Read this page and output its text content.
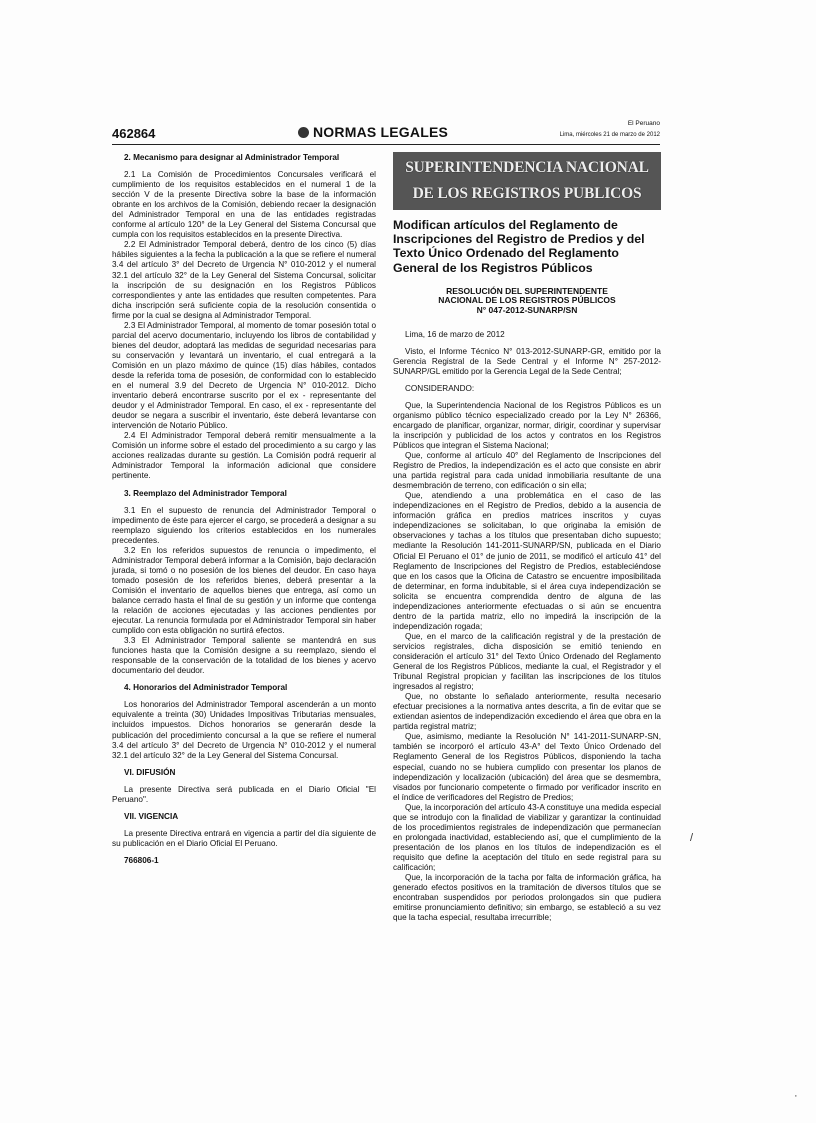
462864	NORMAS LEGALES
El Peruano
Lima, miércoles 21 de marzo de 2012

2. Mecanismo para designar al Administrador Temporal

2.1 La Comisión de Procedimientos Concursales verificará el cumplimiento de los requisitos establecidos en el numeral 1 de la sección V de la presente Directiva sobre la base de la información obrante en los archivos de la Comisión, debiendo recaer la designación del Administrador Temporal en una de las entidades registradas conforme al artículo 120° de la Ley General del Sistema Concursal que cumpla con los requisitos establecidos en la presente Directiva.

2.2 El Administrador Temporal deberá, dentro de los cinco (5) días hábiles siguientes a la fecha la publicación a la que se refiere el numeral 3.4 del artículo 3° del Decreto de Urgencia N° 010-2012 y el numeral 32.1 del artículo 32° de la Ley General del Sistema Concursal, solicitar la inscripción de su designación en los Registros Públicos correspondientes y ante las entidades que resulten competentes. Para dicha inscripción será suficiente copia de la resolución consentida o firme por la cual se designa al Administrador Temporal.

2.3 El Administrador Temporal, al momento de tomar posesión total o parcial del acervo documentario, incluyendo los libros de contabilidad y bienes del deudor, adoptará las medidas de seguridad necesarias para su conservación y levantará un inventario, el cual entregará a la Comisión en un plazo máximo de quince (15) días hábiles, contados desde la referida toma de posesión, de conformidad con lo establecido en el numeral 3.9 del Decreto de Urgencia N° 010-2012. Dicho inventario deberá encontrarse suscrito por el ex - representante del deudor y el Administrador Temporal. En caso, el ex - representante del deudor se negara a suscribir el inventario, éste deberá levantarse con intervención de Notario Público.

2.4 El Administrador Temporal deberá remitir mensualmente a la Comisión un informe sobre el estado del procedimiento a su cargo y las acciones realizadas durante su gestión. La Comisión podrá requerir al Administrador Temporal la información adicional que considere pertinente.

3. Reemplazo del Administrador Temporal

3.1 En el supuesto de renuncia del Administrador Temporal o impedimento de éste para ejercer el cargo, se procederá a designar a su reemplazo siguiendo los criterios establecidos en los numerales precedentes.

3.2 En los referidos supuestos de renuncia o impedimento, el Administrador Temporal deberá informar a la Comisión, bajo declaración jurada, si tomó o no posesión de los bienes del deudor. En caso haya tomado posesión de los referidos bienes, deberá presentar a la Comisión el inventario de aquellos bienes que entrega, así como un balance cerrado hasta el final de su gestión y un informe que contenga la relación de acciones ejecutadas y las acciones pendientes por ejecutar. La renuncia formulada por el Administrador Temporal sin haber cumplido con esta obligación no surtirá efectos.

3.3 El Administrador Temporal saliente se mantendrá en sus funciones hasta que la Comisión designe a su reemplazo, siendo el responsable de la conservación de la totalidad de los bienes y acervo documentario del deudor.

4. Honorarios del Administrador Temporal

Los honorarios del Administrador Temporal ascenderán a un monto equivalente a treinta (30) Unidades Impositivas Tributarias mensuales, incluidos impuestos. Dichos honorarios se generarán desde la publicación del procedimiento concursal a la que se refiere el numeral 3.4 del artículo 3° del Decreto de Urgencia N° 010-2012 y el numeral 32.1 del artículo 32° de la Ley General del Sistema Concursal.

VI. DIFUSIÓN

La presente Directiva será publicada en el Diario Oficial "El Peruano".

VII. VIGENCIA

La presente Directiva entrará en vigencia a partir del día siguiente de su publicación en el Diario Oficial El Peruano.

766806-1

SUPERINTENDENCIA NACIONAL
DE LOS REGISTROS PUBLICOS
Modifican artículos del Reglamento de Inscripciones del Registro de Predios y del Texto Único Ordenado del Reglamento General de los Registros Públicos
RESOLUCIÓN DEL SUPERINTENDENTE
NACIONAL DE LOS REGISTROS PÚBLICOS
N° 047-2012-SUNARP/SN

Lima, 16 de marzo de 2012

Visto, el Informe Técnico N° 013-2012-SUNARP-GR, emitido por la Gerencia Registral de la Sede Central y el Informe N° 257-2012-SUNARP/GL emitido por la Gerencia Legal de la Sede Central;

CONSIDERANDO:

Que, la Superintendencia Nacional de los Registros Públicos es un organismo público técnico especializado creado por la Ley N° 26366, encargado de planificar, organizar, normar, dirigir, coordinar y supervisar la inscripción y publicidad de los actos y contratos en los Registros Públicos que integran el Sistema Nacional;

Que, conforme al artículo 40° del Reglamento de Inscripciones del Registro de Predios, la independización es el acto que consiste en abrir una partida registral para cada unidad inmobiliaria resultante de una desmembración de terreno, con edificación o sin ella;

Que, atendiendo a una problemática en el caso de las independizaciones en el Registro de Predios, debido a la ausencia de información gráfica en predios matrices inscritos y cuyas independizaciones se solicitaban, lo que originaba la emisión de observaciones y tachas a los títulos que presentaban dicho supuesto; mediante la Resolución 141-2011-SUNARP/SN, publicada en el Diario Oficial El Peruano el 01° de junio de 2011, se modificó el artículo 41° del Reglamento de Inscripciones del Registro de Predios, estableciéndose que en los casos que la Oficina de Catastro se encuentre imposibilitada de determinar, en forma indubitable, si el área cuya independización se solicita se encuentra comprendida dentro de alguna de las independizaciones anteriormente efectuadas o si aún se encuentra dentro de la partida matriz, ello no impedirá la inscripción de la independización rogada;

Que, en el marco de la calificación registral y de la prestación de servicios registrales, dicha disposición se emitió teniendo en consideración el artículo 31° del Texto Único Ordenado del Reglamento General de los Registros Públicos, mediante la cual, el Registrador y el Tribunal Registral propician y facilitan las inscripciones de los títulos ingresados al registro;

Que, no obstante lo señalado anteriormente, resulta necesario efectuar precisiones a la normativa antes descrita, a fin de evitar que se extiendan asientos de independización excediendo el área que obra en la partida registral matriz;

Que, asimismo, mediante la Resolución N° 141-2011-SUNARP-SN, también se incorporó el artículo 43-A° del Texto Único Ordenado del Reglamento General de los Registros Públicos, disponiendo la tacha especial, cuando no se hubiera cumplido con presentar los planos de independización y localización (ubicación) del área que se desmembra, visados por funcionario competente o firmado por verificador inscrito en el índice de verificadores del Registro de Predios;

Que, la incorporación del artículo 43-A constituye una medida especial que se introdujo con la finalidad de viabilizar y garantizar la continuidad de los procedimientos registrales de independización que permanecían en prolongada inactividad, estableciendo así, que el cumplimiento de la presentación de los planos en los títulos de independización es el requisito que define la aceptación del título en sede registral para su calificación;

Que, la incorporación de la tacha por falta de información gráfica, ha generado efectos positivos en la tramitación de diversos títulos que se encontraban suspendidos por periodos prolongados sin que pudiera emitirse pronunciamiento definitivo; sin embargo, se estableció a su vez que la tacha especial, resultaba irrecurrible;

/
·
